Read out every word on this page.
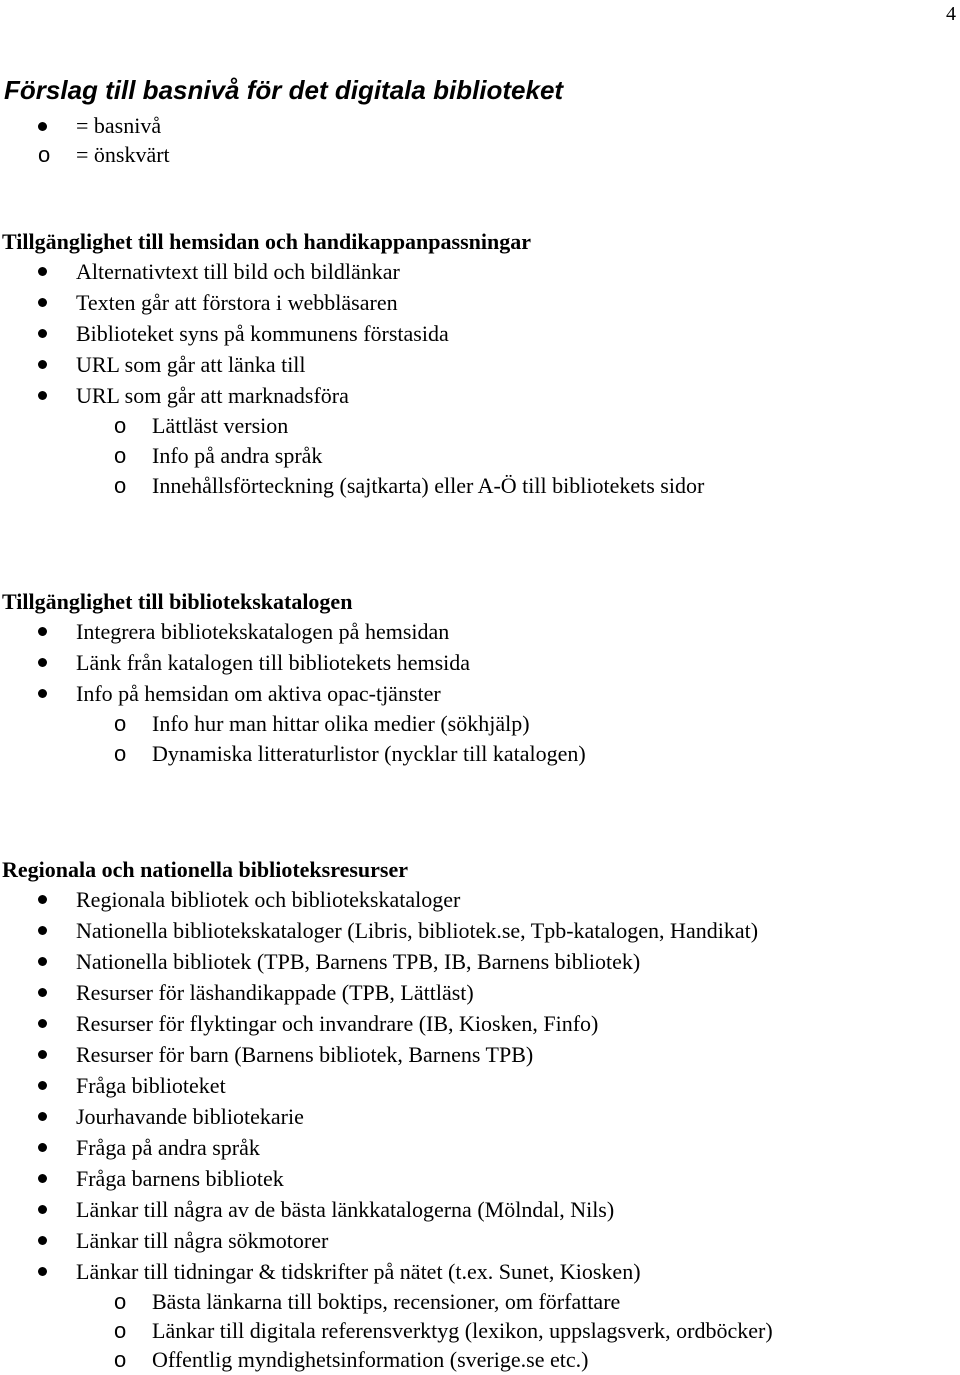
4
Förslag till basnivå för det digitala biblioteket
= basnivå
o = önskvärt
Tillgänglighet till hemsidan och handikappanpassningar
Alternativtext till bild och bildlänkar
Texten går att förstora i webbläsaren
Biblioteket syns på kommunens förstasida
URL som går att länka till
URL som går att marknadsföra
o Lättläst version
o Info på andra språk
o Innehållsförteckning (sajtkarta) eller A-Ö till bibliotekets sidor
Tillgänglighet till bibliotekskatalogen
Integrera bibliotekskatalogen på hemsidan
Länk från katalogen till bibliotekets hemsida
Info på hemsidan om aktiva opac-tjänster
o Info hur man hittar olika medier (sökhjälp)
o Dynamiska litteraturlistor (nycklar till katalogen)
Regionala och nationella biblioteksresurser
Regionala bibliotek och bibliotekskataloger
Nationella bibliotekskataloger (Libris, bibliotek.se, Tpb-katalogen, Handikat)
Nationella bibliotek (TPB, Barnens TPB, IB, Barnens bibliotek)
Resurser för läshandikappade (TPB, Lättläst)
Resurser för flyktingar och invandrare (IB, Kiosken, Finfo)
Resurser för barn (Barnens bibliotek, Barnens TPB)
Fråga biblioteket
Jourhavande bibliotekarie
Fråga på andra språk
Fråga barnens bibliotek
Länkar till några av de bästa länkkatalogerna (Mölndal, Nils)
Länkar till några sökmotorer
Länkar till tidningar & tidskrifter på nätet (t.ex. Sunet, Kiosken)
o Bästa länkarna till boktips, recensioner, om författare
o Länkar till digitala referensverktyg (lexikon, uppslagsverk, ordböcker)
o Offentlig myndighetsinformation (sverige.se etc.)
